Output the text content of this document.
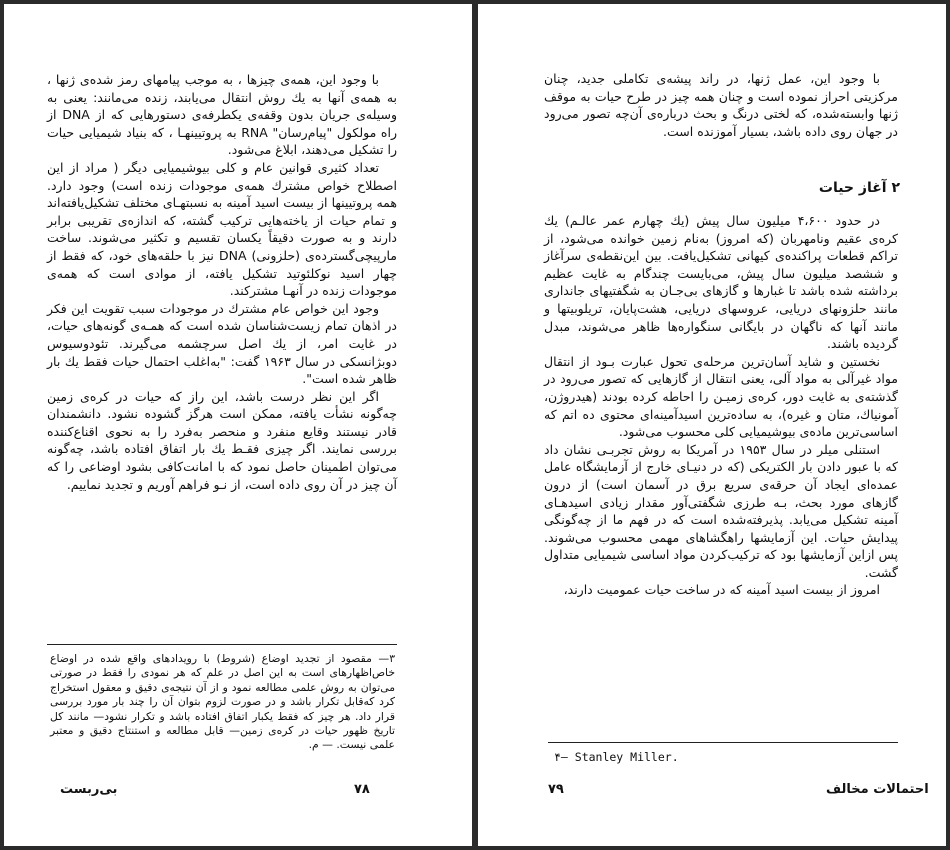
با وجود این، همه‌ی چیزها ، به موجب پیامهای رمز شده‌ی ژنها ، به همه‌ی آنها به یك روش انتقال می‌یابند، زنده می‌مانند: یعنی به وسیله‌ی جریان بدون وقفه‌ی یكطرفه‌ی دستورهایی كه از DNA از راه مولكول "پیام‌رسان" RNA به پروتیینهـا ، كه بنیاد شیمیایی حیات را تشكیل می‌دهند، ابلاغ می‌شود.

تعداد كثیری قوانین عام و كلی بیوشیمیایی دیگر ( مراد از این اصطلاح خواص مشترك همه‌ی موجودات زنده است) وجود دارد. همه پروتیینها از بیست اسید آمینه به نسبتهـای مختلف تشكیل‌یافته‌اند و تمام حیات از یاخته‌هایی تركیب گشته، كه اندازه‌ی تقریبی برابر دارند و به صورت دقیقاً یكسان تقسیم و تكثیر می‌شوند. ساخت مارپیچی‌گسترده‌ی (حلزونی) DNA نیز با حلقه‌های خود، كه فقط از چهار اسید نوكلئوتید تشكیل یافته، از موادی است كه همه‌ی موجودات زنده در آنهـا مشتركند.

وجود این خواص عام مشترك در موجودات سبب تقویت این فكر در اذهان تمام زیست‌شناسان شده است كه همـه‌ی گونه‌های حیات، در غایت امر، از یك اصل سرچشمه می‌گیرند. تئودوسیوس دوبژانسكی در سال ۱۹۶۳ گفت: "به‌اغلب احتمال حیات فقط یك بار ظاهر شده است".

اگر این نظر درست باشد، این راز كه حیات در كره‌ی زمین چه‌گونه نشأت یافته، ممكن است هرگز گشوده نشود. دانشمندان قادر نیستند وقایع منفرد و منحصر به‌فرد را به نحوی اقناع‌كننده بررسی نمایند. اگر چیزی فقـط یك بار اتفاق افتاده باشد، چه‌گونه می‌توان اطمینان حاصل نمود كه با امانت‌كافی بشود اوضاعی را كه آن چیز در آن روی داده است، از نـو فراهم آوریم و تجدید نماییم.

۳— مقصود از تجدید اوضاع (شروط) با رویدادهای واقع شده در اوضاع خاص‌اظهارهای است به این اصل در علم كه هر نمودی را فقط در صورتی می‌توان به روش علمی مطالعه نمود و از آن نتیجه‌ی دقیق و معقول استخراج كرد كه‌قابل تكرار باشد و در صورت لزوم بتوان آن را چند بار مورد بررسی قرار داد. هر چیز كه فقط یكبار اتفاق افتاده باشد و تكرار نشود— مانند كل تاریخ ظهور حیات در كره‌ی زمین— قابل مطالعه و استنتاج دقیق و معتبر علمی نیست. — م.
۷۸
بی‌ربست

با وجود این، عمل ژنها، در راند پیشه‌ی تكاملی جدید، چنان مركزیتی احراز نموده است و چنان همه چیز در طرح حیات به موقف ژنها وابسته‌شده، كه لختی درنگ و بحث درباره‌ی آن‌چه تصور می‌رود در جهان روی داده باشد، بسیار آموزنده است.

۲ آغاز حیات

در حدود ۴،۶۰۰ میلیون سال پیش (یك چهارم عمر عالـم) یك كره‌ی عقیم ونامهربان (كه امروز) به‌نام زمین خوانده می‌شود، از تراكم قطعات پراكنده‌ی كیهانی تشكیل‌یافت. بین این‌نقطه‌ی سرآغاز و ششصد میلیون سال پیش، می‌بایست چندگام به غایت عظیم برداشته شده باشد تا غبارها و گازهای بی‌جـان به شگفتیهای جانداری مانند حلزونهای دریایی، عروسهای دریایی، هشت‌پایان، تریلوبیتها و مانند آنها كه ناگهان در بایگانی سنگواره‌ها ظاهر می‌شوند، مبدل گردیده باشند.

نخستین و شاید آسان‌ترین مرحله‌ی تحول عبارت بـود از انتقال مواد غیرآلی به مواد آلی، یعنی انتقال از گازهایی كه تصور می‌رود در گذشته‌ی به غایت دور، كره‌ی زمیـن را احاطه كرده بودند (هیدروژن، آمونیاك، متان و غیره)، به ساده‌ترین اسیدآمینه‌ای محتوی ده اتم كه اساسی‌ترین ماده‌ی بیوشیمیایی كلی محسوب می‌شود.

استنلی میلر در سال ۱۹۵۳ در آمریكا به روش تجربـی نشان داد كه با عبور دادن بار الكتریكی (كه در دنیـای خارج از آزمایشگاه عامل عمده‌ای ایجاد آن حرقه‌ی سریع برق در آسمان است) از درون گازهای مورد بحث، بـه طرزی شگفتی‌آور مقدار زیادی اسیدهـای آمینه تشكیل می‌یابد. پذیرفته‌شده است كه در فهم ما از چه‌گونگی پیدایش حیات. این آزمایشها راهگشاهای مهمی محسوب می‌شوند. پس ازاین آزمایشها بود كه تركیب‌كردن مواد اساسی شیمیایی متداول گشت.

امروز از بیست اسید آمینه كه در ساخت حیات عمومیت دارند،

۴— Stanley Miller.
۷۹	احتمالات مخالف
